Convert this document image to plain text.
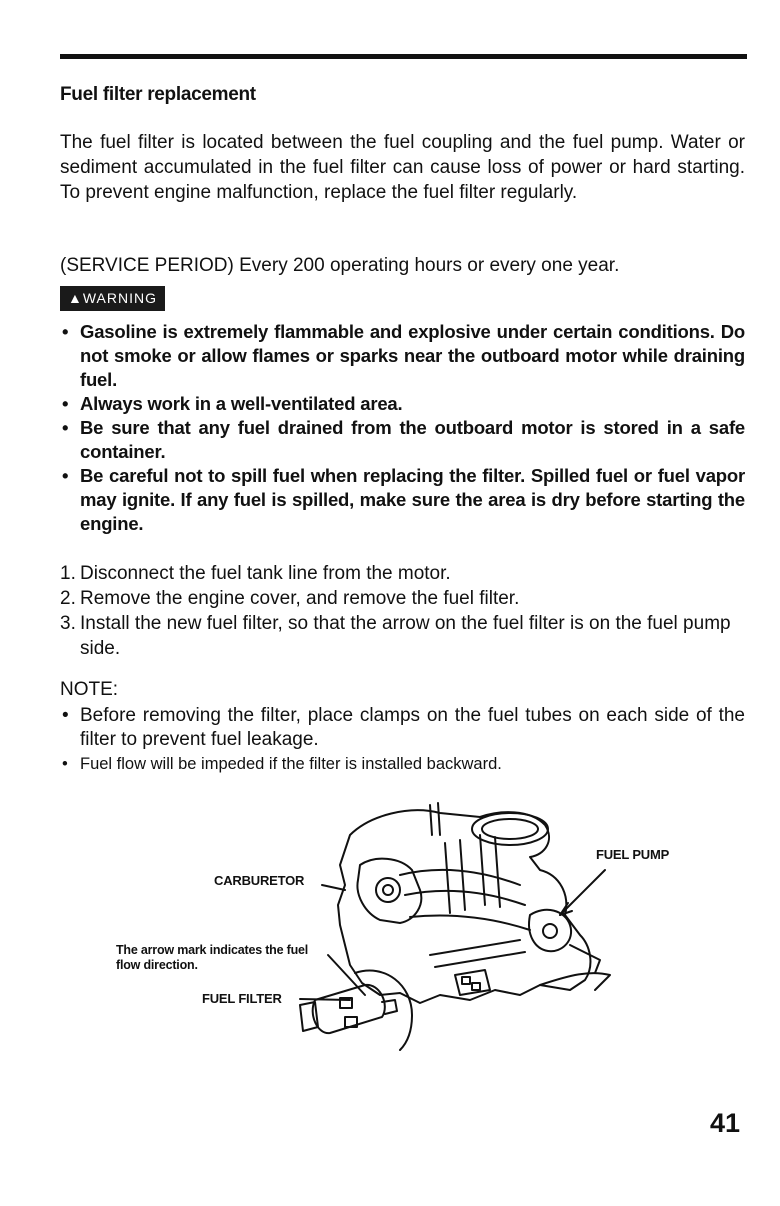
Fuel filter replacement
The fuel filter is located between the fuel coupling and the fuel pump. Water or sediment accumulated in the fuel filter can cause loss of power or hard starting. To prevent engine malfunction, replace the fuel filter regularly.
(SERVICE PERIOD) Every 200 operating hours or every one year.
▲WARNING
• Gasoline is extremely flammable and explosive under certain conditions. Do not smoke or allow flames or sparks near the outboard motor while draining fuel.
• Always work in a well-ventilated area.
• Be sure that any fuel drained from the outboard motor is stored in a safe container.
• Be careful not to spill fuel when replacing the filter. Spilled fuel or fuel vapor may ignite. If any fuel is spilled, make sure the area is dry before starting the engine.
1. Disconnect the fuel tank line from the motor.
2. Remove the engine cover, and remove the fuel filter.
3. Install the new fuel filter, so that the arrow on the fuel filter is on the fuel pump side.
NOTE:
• Before removing the filter, place clamps on the fuel tubes on each side of the filter to prevent fuel leakage.
• Fuel flow will be impeded if the filter is installed backward.
CARBURETOR
FUEL PUMP
The arrow mark indicates the fuel flow direction.
FUEL FILTER
41
